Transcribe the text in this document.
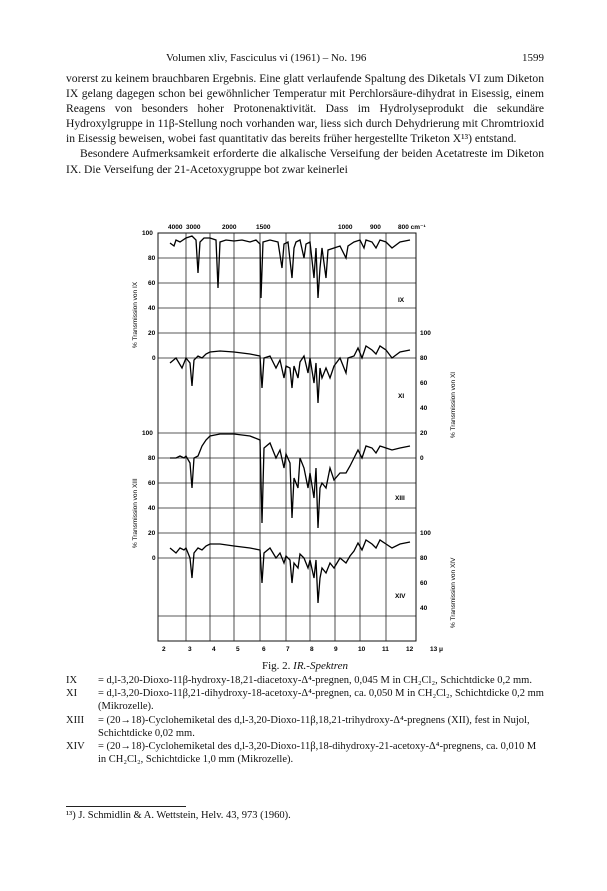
Volumen xliv, Fasciculus vi (1961) – No. 196	1599

vorerst zu keinem brauchbaren Ergebnis. Eine glatt verlaufende Spaltung des Diketals VI zum Diketon IX gelang dagegen schon bei gewöhnlicher Temperatur mit Perchlorsäure-dihydrat in Eisessig, einem Reagens von besonders hoher Protonenaktivität. Dass im Hydrolyseprodukt die sekundäre Hydroxylgruppe in 11β-Stellung noch vorhanden war, liess sich durch Dehydrierung mit Chromtrioxid in Eisessig beweisen, wobei fast quantitativ das bereits früher hergestellte Triketon X¹³) entstand.

Besondere Aufmerksamkeit erforderte die alkalische Verseifung der beiden Acetatreste im Diketon IX. Die Verseifung der 21-Acetoxygruppe bot zwar keinerlei

4000 3000	2000	1500	1000	900	800 cm⁻¹
2	3	4	5	6	7	8	9	10	11	12	13 μ
100
80
60
40
20
0
100
80
60
40
20
0
100
80
60
40
20
0
100
80
60
40
IX
XI
XIII
XIV
% Transmission von IX
% Transmission von XIII
% Transmission von XI
% Transmission von XIV
Fig. 2. IR.-Spektren
IX	= d,l-3,20-Dioxo-11β-hydroxy-18,21-diacetoxy-Δ⁴-pregnen, 0,045 M in CH₂Cl₂, Schichtdicke 0,2 mm.
XI	= d,l-3,20-Dioxo-11β,21-dihydroxy-18-acetoxy-Δ⁴-pregnen, ca. 0,050 M in CH₂Cl₂, Schichtdicke 0,2 mm (Mikrozelle).
XIII	= (20→18)-Cyclohemiketal des d,l-3,20-Dioxo-11β,18,21-trihydroxy-Δ⁴-pregnens (XII), fest in Nujol, Schichtdicke 0,02 mm.
XIV	= (20→18)-Cyclohemiketal des d,l-3,20-Dioxo-11β,18-dihydroxy-21-acetoxy-Δ⁴-pregnens, ca. 0,010 M in CH₂Cl₂, Schichtdicke 1,0 mm (Mikrozelle).
¹³) J. Schmidlin & A. Wettstein, Helv. 43, 973 (1960).
